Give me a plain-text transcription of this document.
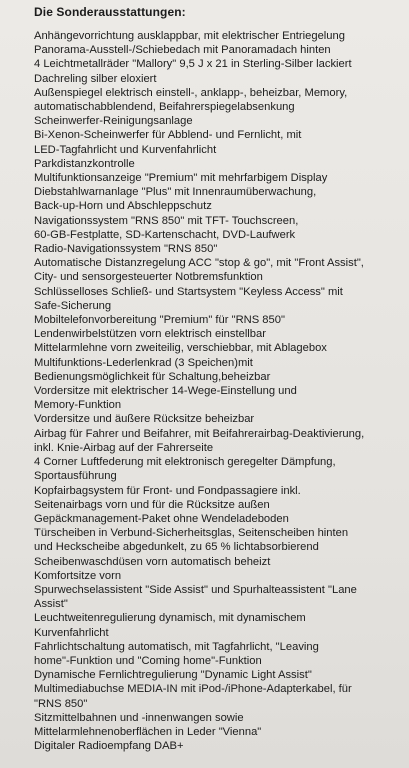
Die Sonderausstattungen:
Anhängevorrichtung ausklappbar, mit elektrischer Entriegelung
Panorama-Ausstell-/Schiebedach mit Panoramadach hinten
4 Leichtmetallräder "Mallory" 9,5 J x 21 in Sterling-Silber lackiert
Dachreling silber eloxiert
Außenspiegel elektrisch einstell-, anklapp-, beheizbar, Memory,
automatischabblendend, Beifahrerspiegelabsenkung
Scheinwerfer-Reinigungsanlage
Bi-Xenon-Scheinwerfer für Abblend- und Fernlicht, mit
LED-Tagfahrlicht und Kurvenfahrlicht
Parkdistanzkontrolle
Multifunktionsanzeige "Premium" mit mehrfarbigem Display
Diebstahlwarnanlage "Plus" mit Innenraumüberwachung,
Back-up-Horn und Abschleppschutz
Navigationssystem "RNS 850" mit TFT- Touchscreen,
60-GB-Festplatte, SD-Kartenschacht, DVD-Laufwerk
Radio-Navigationssystem "RNS 850"
Automatische Distanzregelung ACC "stop & go", mit "Front Assist",
City- und sensorgesteuerter Notbremsfunktion
Schlüsselloses Schließ- und Startsystem "Keyless Access" mit
Safe-Sicherung
Mobiltelefonvorbereitung "Premium" für "RNS 850"
Lendenwirbelstützen vorn elektrisch einstellbar
Mittelarmlehne vorn zweiteilig, verschiebbar, mit Ablagebox
Multifunktions-Lederlenkrad (3 Speichen)mit
Bedienungsmöglichkeit für Schaltung,beheizbar
Vordersitze mit elektrischer 14-Wege-Einstellung und
Memory-Funktion
Vordersitze und äußere Rücksitze beheizbar
Airbag für Fahrer und Beifahrer, mit Beifahrerairbag-Deaktivierung,
inkl. Knie-Airbag auf der Fahrerseite
4 Corner Luftfederung mit elektronisch geregelter Dämpfung,
Sportausführung
Kopfairbagsystem für Front- und Fondpassagiere inkl.
Seitenairbags vorn und für die Rücksitze außen
Gepäckmanagement-Paket ohne Wendeladeboden
Türscheiben in Verbund-Sicherheitsglas, Seitenscheiben hinten
und Heckscheibe abgedunkelt, zu 65 % lichtabsorbierend
Scheibenwaschdüsen vorn automatisch beheizt
Komfortsitze vorn
Spurwechselassistent "Side Assist" und Spurhalteassistent "Lane
Assist"
Leuchtweitenregulierung dynamisch, mit dynamischem
Kurvenfahrlicht
Fahrlichtschaltung automatisch, mit Tagfahrlicht, "Leaving
home"-Funktion und "Coming home"-Funktion
Dynamische Fernlichtregulierung "Dynamic Light Assist"
Multimediabuchse MEDIA-IN mit iPod-/iPhone-Adapterkabel, für
"RNS 850"
Sitzmittelbahnen und -innenwangen sowie
Mittelarmlehnenoberflächen in Leder "Vienna"
Digitaler Radioempfang DAB+
